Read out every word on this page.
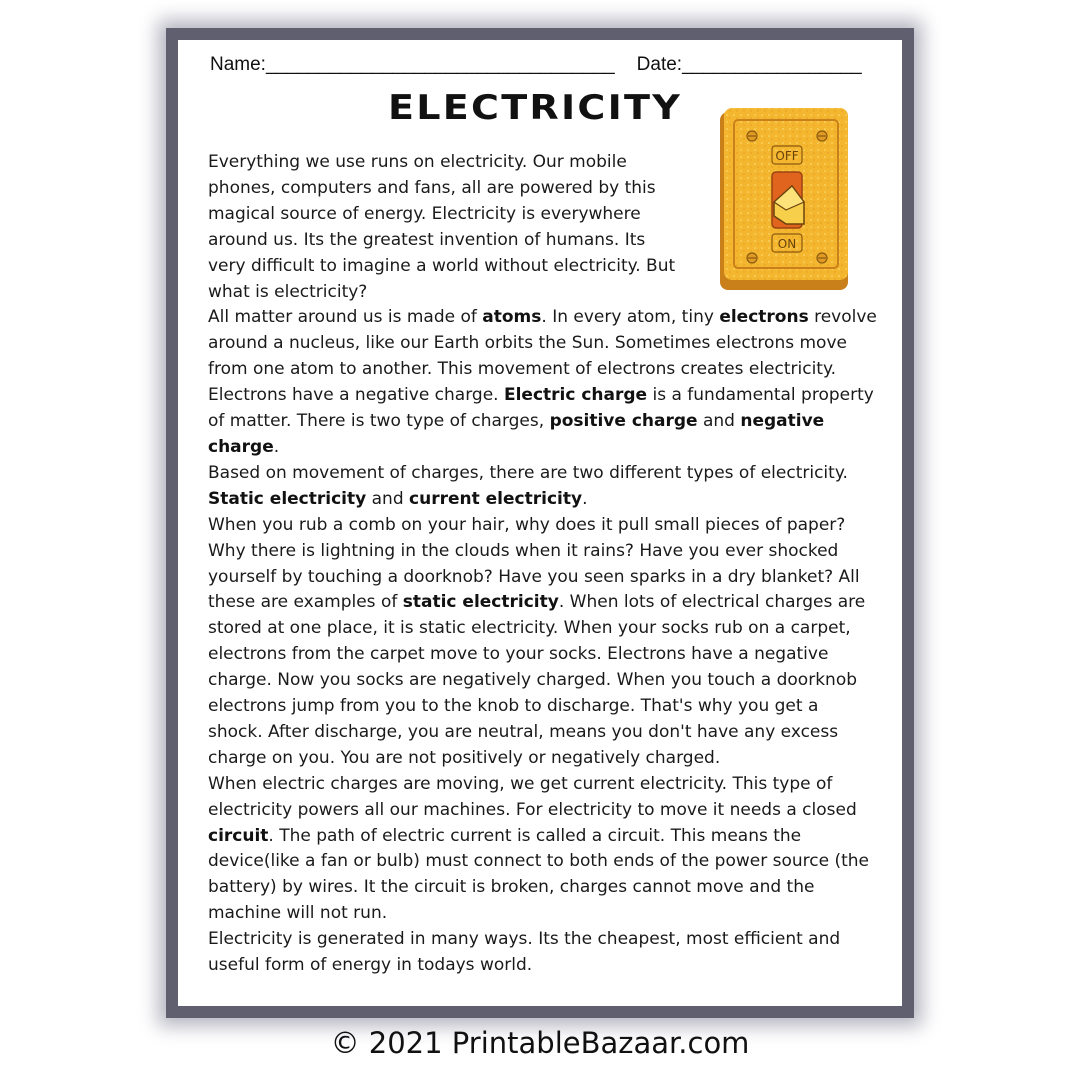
Name:_________________________________ Date:_________________
ELECTRICITY
OFF
ON

Everything we use runs on electricity. Our mobile phones, computers and fans, all are powered by this magical source of energy. Electricity is everywhere around us. Its the greatest invention of humans. Its very difficult to imagine a world without electricity. But what is electricity?

All matter around us is made of atoms. In every atom, tiny electrons revolve around a nucleus, like our Earth orbits the Sun. Sometimes electrons move from one atom to another. This movement of electrons creates electricity. Electrons have a negative charge. Electric charge is a fundamental property of matter. There is two type of charges, positive charge and negative charge.

Based on movement of charges, there are two different types of electricity. Static electricity and current electricity.

When you rub a comb on your hair, why does it pull small pieces of paper? Why there is lightning in the clouds when it rains? Have you ever shocked yourself by touching a doorknob? Have you seen sparks in a dry blanket? All these are examples of static electricity. When lots of electrical charges are stored at one place, it is static electricity. When your socks rub on a carpet, electrons from the carpet move to your socks. Electrons have a negative charge. Now you socks are negatively charged. When you touch a doorknob electrons jump from you to the knob to discharge. That's why you get a shock. After discharge, you are neutral, means you don't have any excess charge on you. You are not positively or negatively charged.

When electric charges are moving, we get current electricity. This type of electricity powers all our machines. For electricity to move it needs a closed circuit. The path of electric current is called a circuit. This means the device(like a fan or bulb) must connect to both ends of the power source (the battery) by wires. It the circuit is broken, charges cannot move and the machine will not run.

Electricity is generated in many ways. Its the cheapest, most efficient and useful form of energy in todays world.

© 2021 PrintableBazaar.com
